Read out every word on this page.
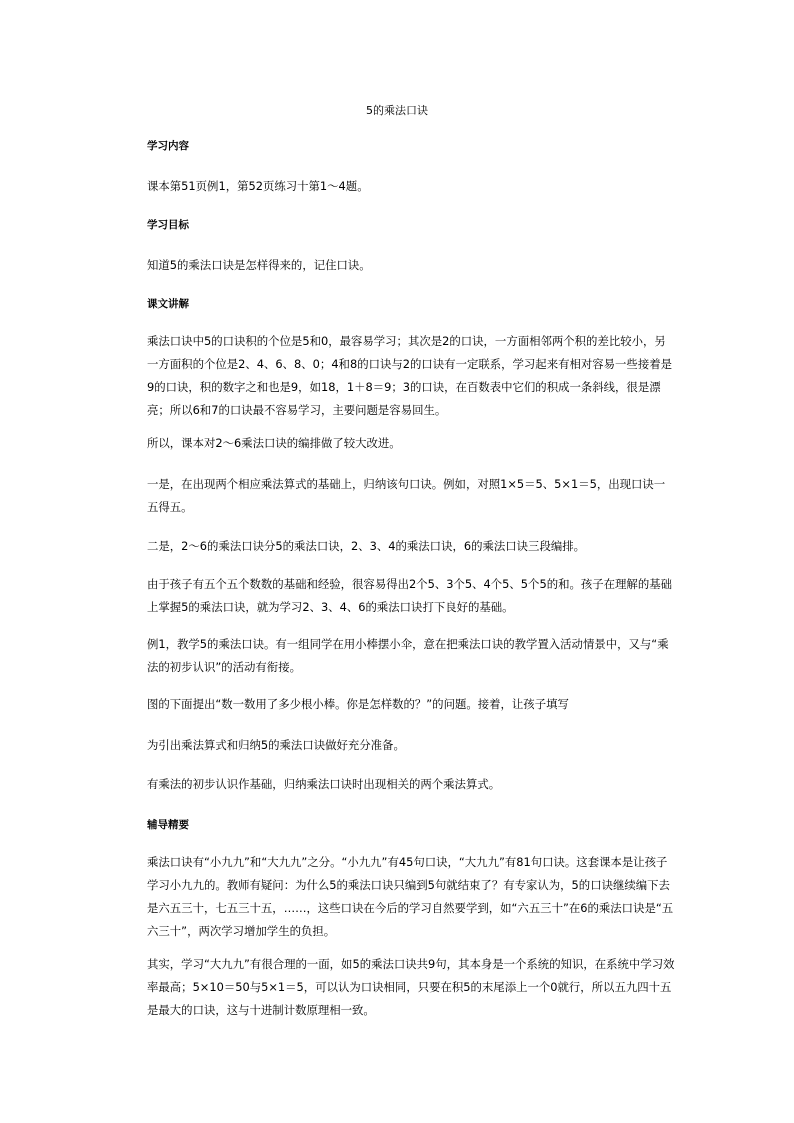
5的乘法口诀

学习内容

课本第51页例1，第52页练习十第1～4题。

学习目标

知道5的乘法口诀是怎样得来的，记住口诀。

课文讲解

乘法口诀中5的口诀积的个位是5和0，最容易学习；其次是2的口诀，一方面相邻两个积的差比较小，另一方面积的个位是2、4、6、8、0；4和8的口诀与2的口诀有一定联系，学习起来有相对容易一些接着是9的口诀，积的数字之和也是9，如18，1＋8＝9；3的口诀，在百数表中它们的积成一条斜线，很是漂亮；所以6和7的口诀最不容易学习，主要问题是容易回生。

所以，课本对2～6乘法口诀的编排做了较大改进。

一是，在出现两个相应乘法算式的基础上，归纳该句口诀。例如，对照1×5＝5、5×1＝5，出现口诀一五得五。

二是，2～6的乘法口诀分5的乘法口诀，2、3、4的乘法口诀，6的乘法口诀三段编排。

由于孩子有五个五个数数的基础和经验，很容易得出2个5、3个5、4个5、5个5的和。孩子在理解的基础上掌握5的乘法口诀，就为学习2、3、4、6的乘法口诀打下良好的基础。

例1，教学5的乘法口诀。有一组同学在用小棒摆小伞，意在把乘法口诀的教学置入活动情景中，又与“乘法的初步认识”的活动有衔接。

图的下面提出“数一数用了多少根小棒。你是怎样数的？”的问题。接着，让孩子填写

为引出乘法算式和归纳5的乘法口诀做好充分准备。

有乘法的初步认识作基础，归纳乘法口诀时出现相关的两个乘法算式。

辅导精要

乘法口诀有“小九九”和“大九九”之分。“小九九”有45句口诀，“大九九”有81句口诀。这套课本是让孩子学习小九九的。教师有疑问：为什么5的乘法口诀只编到5句就结束了？有专家认为，5的口诀继续编下去是六五三十，七五三十五，……，这些口诀在今后的学习自然要学到，如“六五三十”在6的乘法口诀是“五六三十”，两次学习增加学生的负担。

其实，学习“大九九”有很合理的一面，如5的乘法口诀共9句，其本身是一个系统的知识，在系统中学习效率最高；5×10＝50与5×1＝5，可以认为口诀相同，只要在积5的末尾添上一个0就行，所以五九四十五是最大的口诀，这与十进制计数原理相一致。
